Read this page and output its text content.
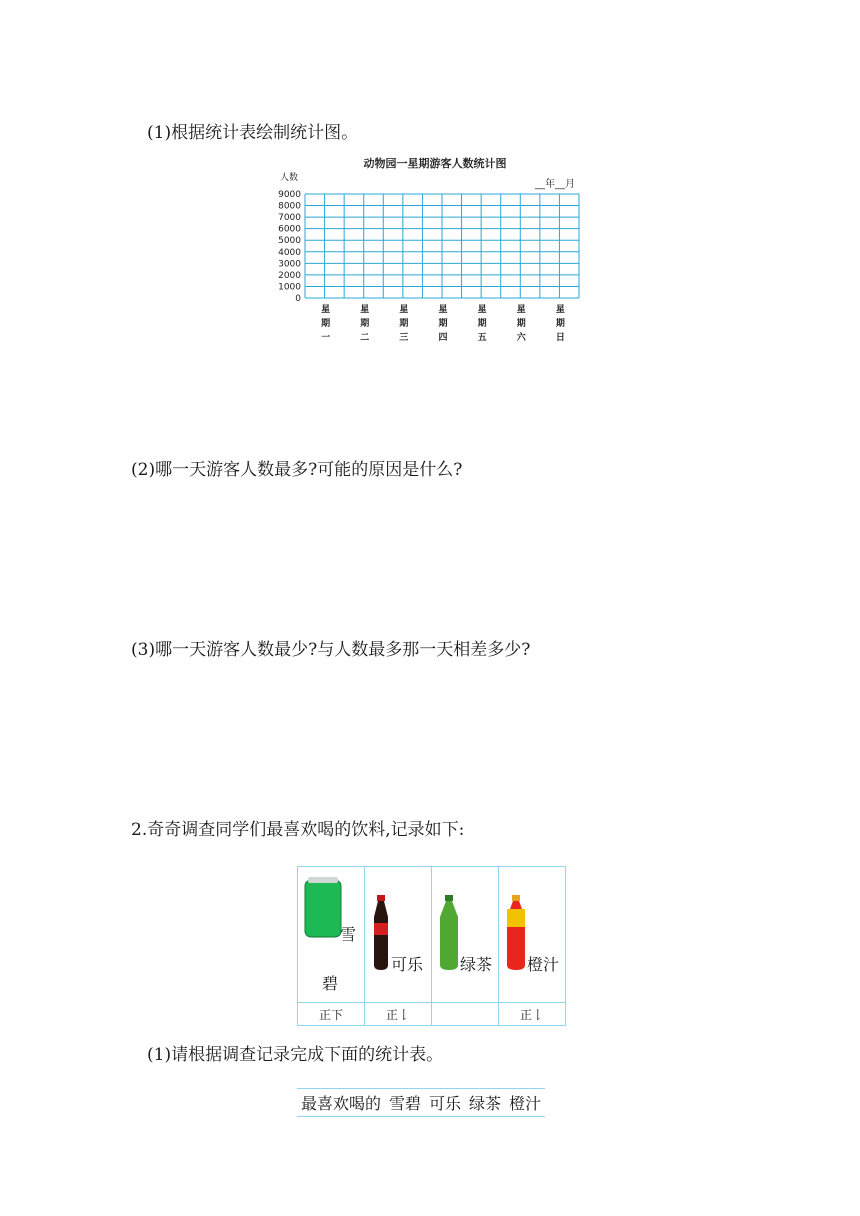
(1)根据统计表绘制统计图。
动物园一星期游客人数统计图
人数
__年__月
9000
8000
7000
6000
5000
4000
3000
2000
1000
0
星
期
一
星
期
二
星
期
三
星
期
四
星
期
五
星
期
六
星
期
日
(2)哪一天游客人数最多?可能的原因是什么?
(3)哪一天游客人数最少?与人数最多那一天相差多少?
2.奇奇调查同学们最喜欢喝的饮料,记录如下:
雪
碧	可乐	绿茶	橙汁

正下	正𠄌		正𠄌
(1)请根据调查记录完成下面的统计表。
最喜欢喝的 雪碧 可乐 绿茶 橙汁
